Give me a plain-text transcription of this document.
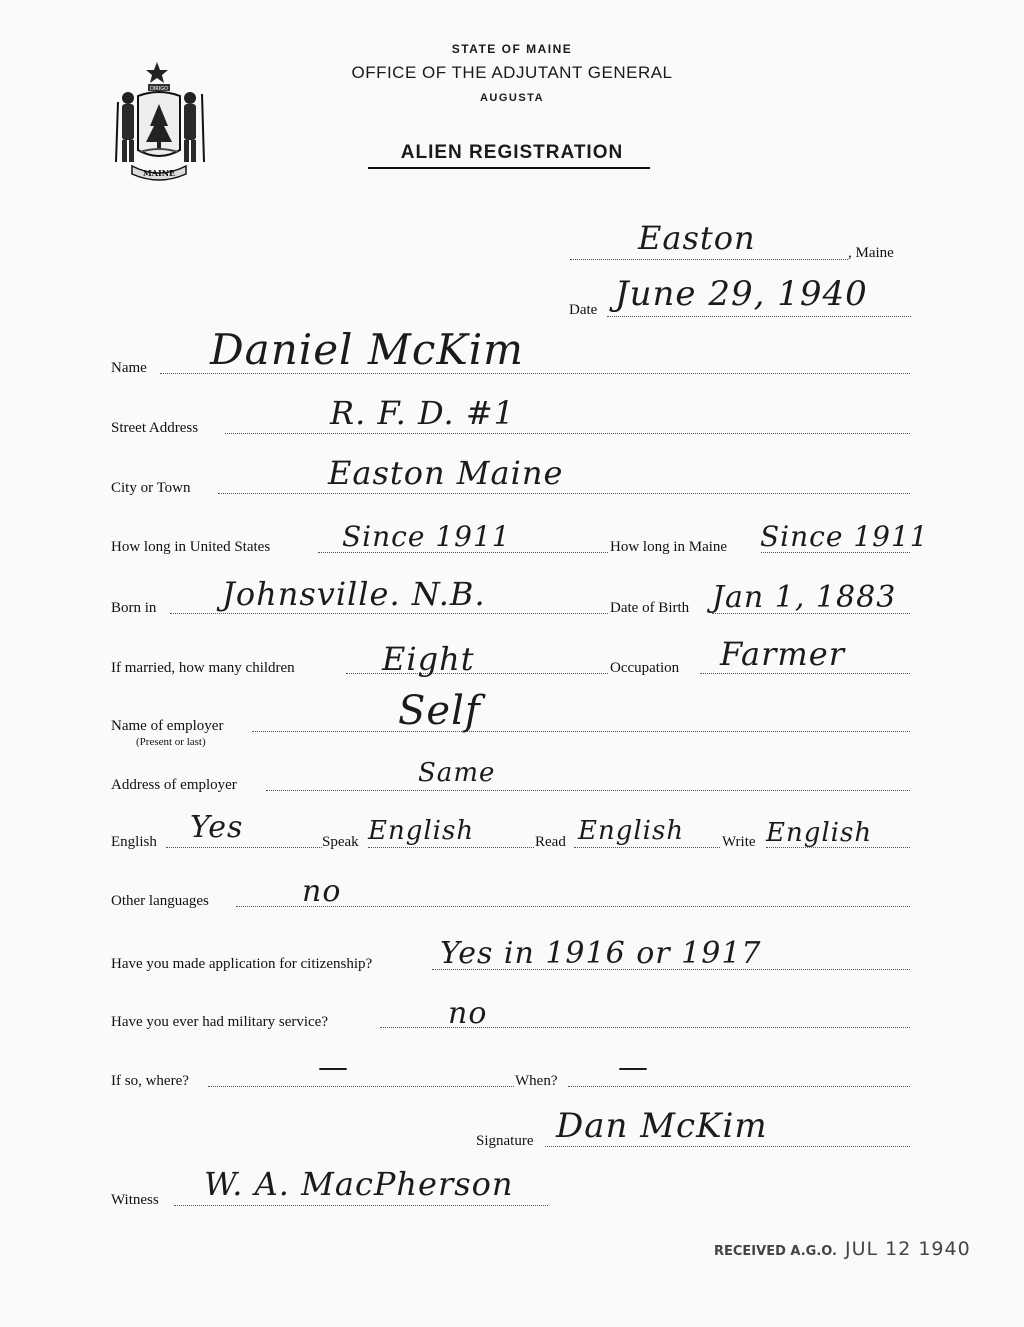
DIRIGO
MAINE
STATE OF MAINE
OFFICE OF THE ADJUTANT GENERAL
AUGUSTA
ALIEN REGISTRATION
, Maine
Easton
Date June 29, 1940
Name Daniel McKim
Street Address	R. F. D. #1
City or Town	Easton Maine
How long in United States	Since 1911	How long in Maine Since 1911
Born in Johnsville. N.B.	Date of Birth Jan 1, 1883
If married, how many children	Eight	Occupation Farmer
Name of employer
(Present or last)
Self
Address of employer	Same
English Yes	Speak English	Read English	Write English
Other languages	no
Have you made application for citizenship? Yes in 1916 or 1917
Have you ever had military service?	no
If so, where?	—	When? —
Signature Dan McKim
Witness W. A. MacPherson
RECEIVED A.G.O. JUL 12 1940
